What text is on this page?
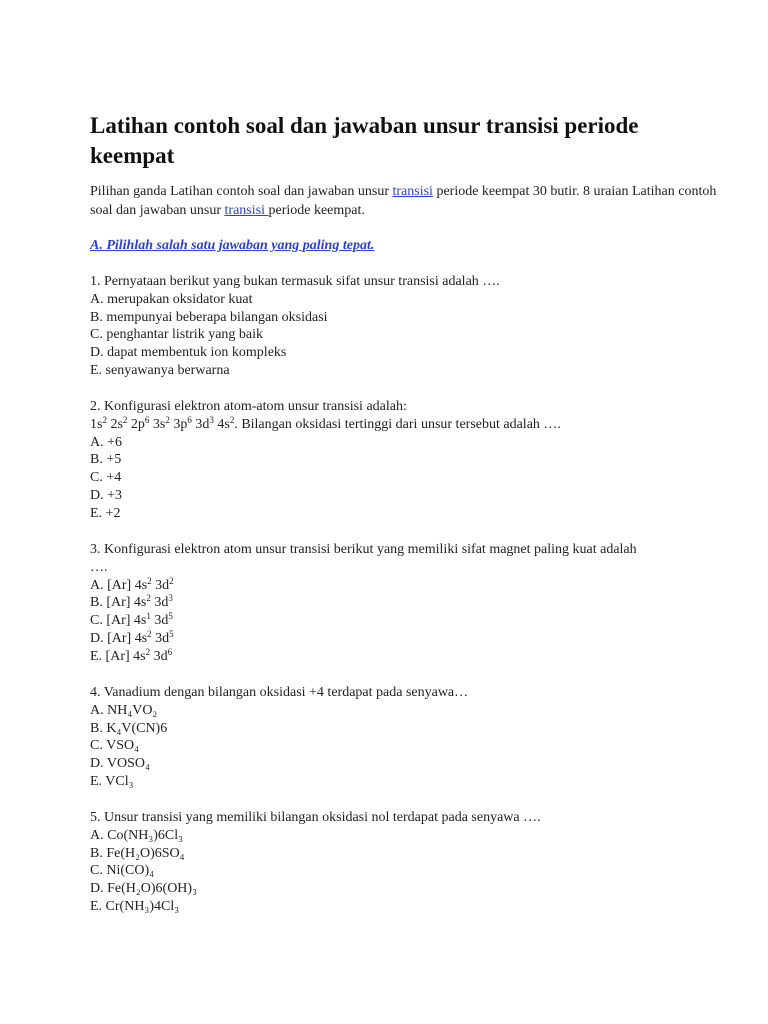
Latihan contoh soal dan jawaban unsur transisi periode keempat

Pilihan ganda Latihan contoh soal dan jawaban unsur transisi periode keempat 30 butir. 8 uraian Latihan contoh soal dan jawaban unsur transisi periode keempat.

A. Pilihlah salah satu jawaban yang paling tepat.

1. Pernyataan berikut yang bukan termasuk sifat unsur transisi adalah ….
A. merupakan oksidator kuat
B. mempunyai beberapa bilangan oksidasi
C. penghantar listrik yang baik
D. dapat membentuk ion kompleks
E. senyawanya berwarna
2. Konfigurasi elektron atom-atom unsur transisi adalah:
$1s^2$ $2s^2$ $2p^6$ $3s^2$ $3p^6$ $3d^3$ $4s^2$. Bilangan oksidasi tertinggi dari unsur tersebut adalah ….
A. +6
B. +5
C. +4
D. +3
E. +2
3. Konfigurasi elektron atom unsur transisi berikut yang memiliki sifat magnet paling kuat adalah ….
A. [Ar] $4s^2$ $3d^2$
B. [Ar] $4s^2$ $3d^3$
C. [Ar] $4s^1$ $3d^5$
D. [Ar] $4s^2$ $3d^5$
E. [Ar] $4s^2$ $3d^6$
4. Vanadium dengan bilangan oksidasi +4 terdapat pada senyawa…
A. NH₄VO₂
B. K₄V(CN)6
C. VSO₄
D. VOSO₄
E. VCl₃
5. Unsur transisi yang memiliki bilangan oksidasi nol terdapat pada senyawa ….
A. Co(NH₃)6Cl₃
B. Fe(H₂O)6SO₄
C. Ni(CO)₄
D. Fe(H₂O)6(OH)₃
E. Cr(NH₃)4Cl₃
